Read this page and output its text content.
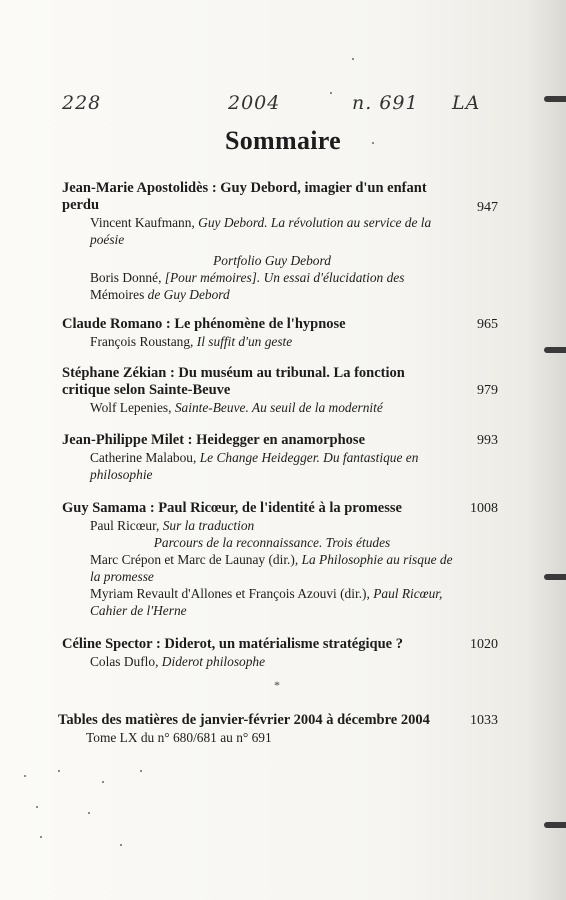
228	2004	n. 691 LA
Sommaire
Jean-Marie Apostolidès : Guy Debord, imagier d'un enfant perdu	947
Vincent Kaufmann, Guy Debord. La révolution au service de la poésie
Portfolio Guy Debord
Boris Donné, [Pour mémoires]. Un essai d'élucidation des Mémoires de Guy Debord
Claude Romano : Le phénomène de l'hypnose	965
François Roustang, Il suffit d'un geste
Stéphane Zékian : Du muséum au tribunal. La fonction critique selon Sainte-Beuve	979
Wolf Lepenies, Sainte-Beuve. Au seuil de la modernité
Jean-Philippe Milet : Heidegger en anamorphose	993
Catherine Malabou, Le Change Heidegger. Du fantastique en philosophie
Guy Samama : Paul Ricœur, de l'identité à la promesse	1008
Paul Ricœur, Sur la traduction
Parcours de la reconnaissance. Trois études
Marc Crépon et Marc de Launay (dir.), La Philosophie au risque de la promesse
Myriam Revault d'Allones et François Azouvi (dir.), Paul Ricœur, Cahier de l'Herne
Céline Spector : Diderot, un matérialisme stratégique ?	1020
Colas Duflo, Diderot philosophe
*
Tables des matières de janvier-février 2004 à décembre 2004	1033
Tome LX du n° 680/681 au n° 691
